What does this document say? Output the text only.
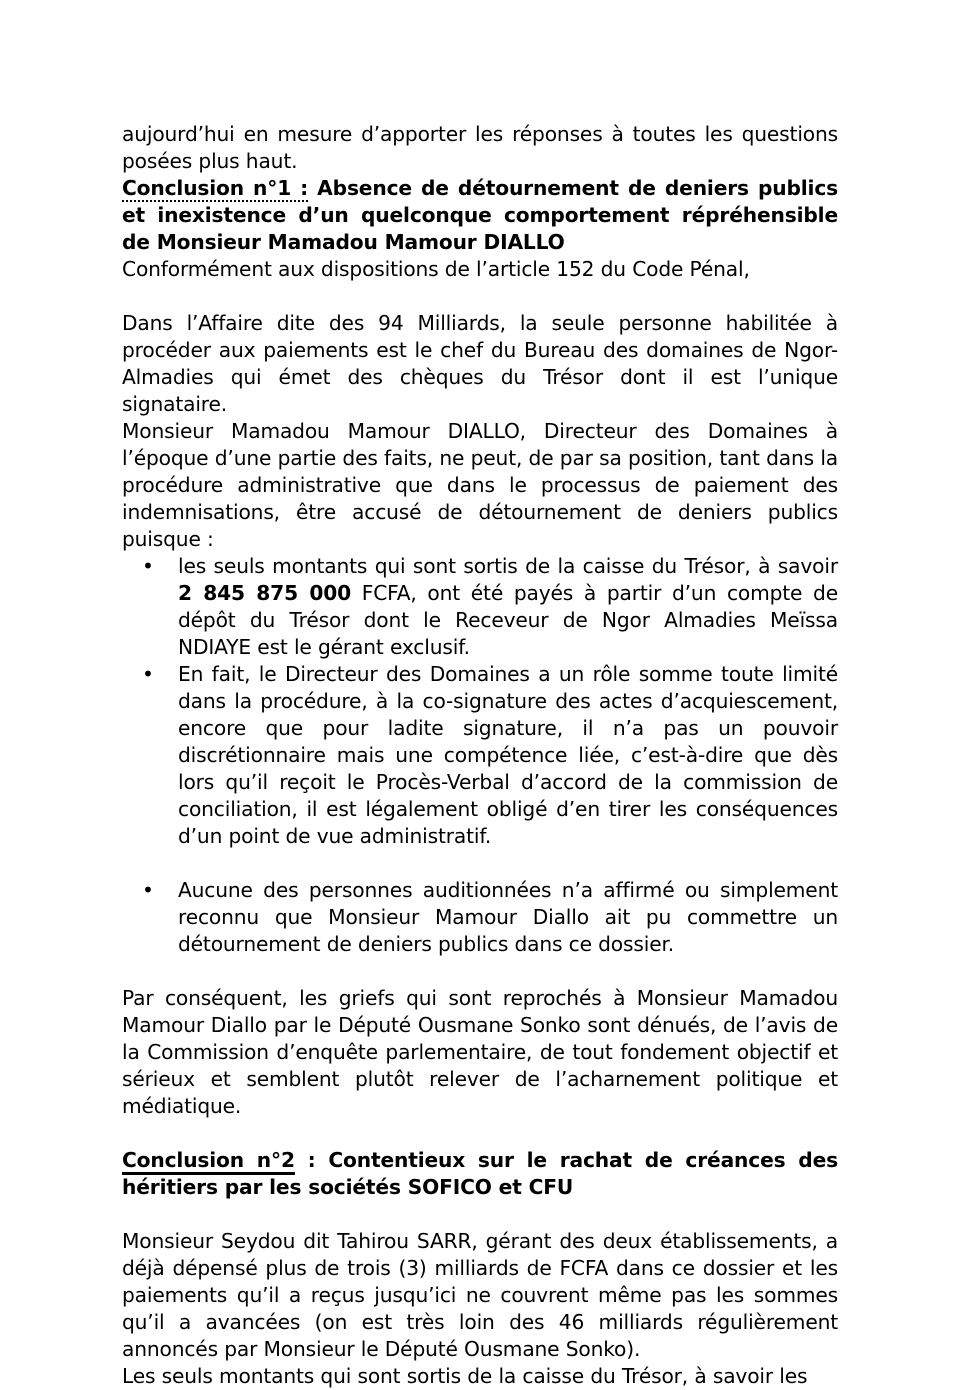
aujourd’hui en mesure d’apporter les réponses à toutes les questions posées plus haut.

Conclusion n°1 : Absence de détournement de deniers publics et inexistence d’un quelconque comportement répréhensible de Monsieur Mamadou Mamour DIALLO

Conformément aux dispositions de l’article 152 du Code Pénal,

Dans l’Affaire dite des 94 Milliards, la seule personne habilitée à procéder aux paiements est le chef du Bureau des domaines de Ngor-Almadies qui émet des chèques du Trésor dont il est l’unique signataire.

Monsieur Mamadou Mamour DIALLO, Directeur des Domaines à l’époque d’une partie des faits, ne peut, de par sa position, tant dans la procédure administrative que dans le processus de paiement des indemnisations, être accusé de détournement de deniers publics puisque :

• les seuls montants qui sont sortis de la caisse du Trésor, à savoir 2 845 875 000 FCFA, ont été payés à partir d’un compte de dépôt du Trésor dont le Receveur de Ngor Almadies Meïssa NDIAYE est le gérant exclusif.
• En fait, le Directeur des Domaines a un rôle somme toute limité dans la procédure, à la co-signature des actes d’acquiescement, encore que pour ladite signature, il n’a pas un pouvoir discrétionnaire mais une compétence liée, c’est-à-dire que dès lors qu’il reçoit le Procès-Verbal d’accord de la commission de conciliation, il est légalement obligé d’en tirer les conséquences d’un point de vue administratif.
• Aucune des personnes auditionnées n’a affirmé ou simplement reconnu que Monsieur Mamour Diallo ait pu commettre un détournement de deniers publics dans ce dossier.

Par conséquent, les griefs qui sont reprochés à Monsieur Mamadou Mamour Diallo par le Député Ousmane Sonko sont dénués, de l’avis de la Commission d’enquête parlementaire, de tout fondement objectif et sérieux et semblent plutôt relever de l’acharnement politique et médiatique.

Conclusion n°2 : Contentieux sur le rachat de créances des héritiers par les sociétés SOFICO et CFU

Monsieur Seydou dit Tahirou SARR, gérant des deux établissements, a déjà dépensé plus de trois (3) milliards de FCFA dans ce dossier et les paiements qu’il a reçus jusqu’ici ne couvrent même pas les sommes qu’il a avancées (on est très loin des 46 milliards régulièrement annoncés par Monsieur le Député Ousmane Sonko).

Les seuls montants qui sont sortis de la caisse du Trésor, à savoir les
